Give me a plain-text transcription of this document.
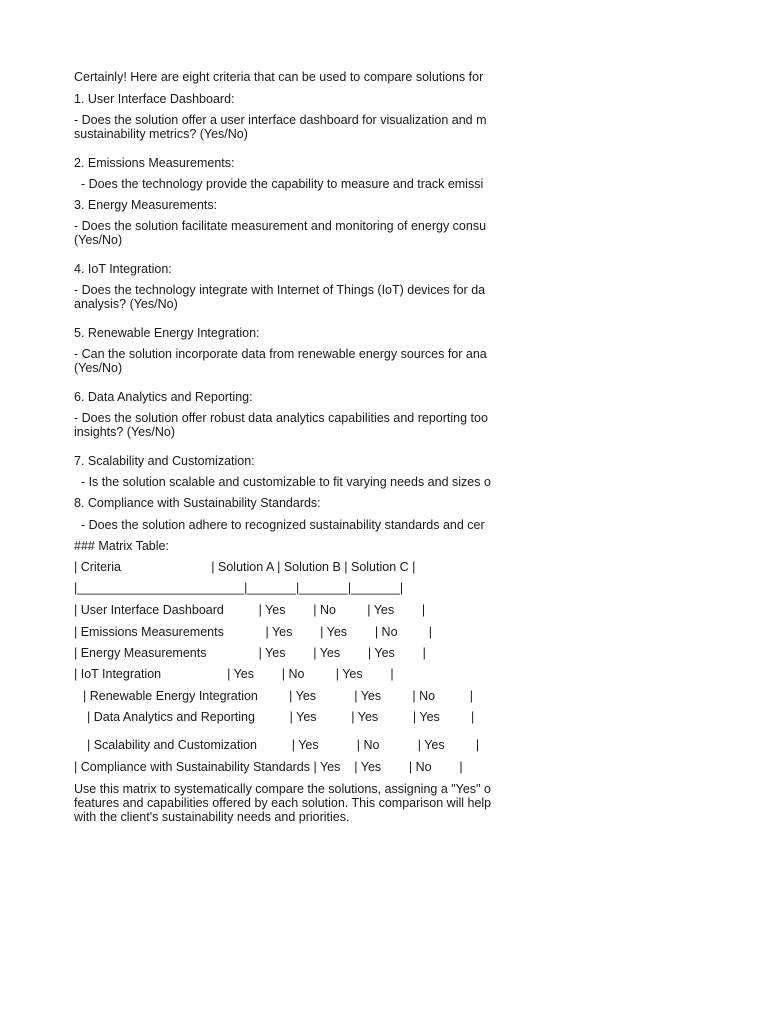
Certainly! Here are eight criteria that can be used to compare solutions for
1. User Interface Dashboard:
- Does the solution offer a user interface dashboard for visualization and m
sustainability metrics? (Yes/No)
2. Emissions Measurements:
- Does the technology provide the capability to measure and track emissi
3. Energy Measurements:
- Does the solution facilitate measurement and monitoring of energy consu
(Yes/No)
4. IoT Integration:
- Does the technology integrate with Internet of Things (IoT) devices for da
analysis? (Yes/No)
5. Renewable Energy Integration:
- Can the solution incorporate data from renewable energy sources for ana
(Yes/No)
6. Data Analytics and Reporting:
- Does the solution offer robust data analytics capabilities and reporting too
insights? (Yes/No)
7. Scalability and Customization:
- Is the solution scalable and customizable to fit varying needs and sizes o
8. Compliance with Sustainability Standards:
- Does the solution adhere to recognized sustainability standards and cer
### Matrix Table:
| Criteria                          | Solution A | Solution B | Solution C |
|________________________|_______|_______|_______|
| User Interface Dashboard          | Yes        | No         | Yes        |
| Emissions Measurements            | Yes        | Yes        | No         |
| Energy Measurements               | Yes        | Yes        | Yes        |
| IoT Integration                   | Yes        | No         | Yes        |
| Renewable Energy Integration         | Yes           | Yes         | No          |
| Data Analytics and Reporting          | Yes          | Yes          | Yes         |
| Scalability and Customization          | Yes           | No           | Yes         |
| Compliance with Sustainability Standards | Yes    | Yes        | No        |
Use this matrix to systematically compare the solutions, assigning a "Yes" o
features and capabilities offered by each solution. This comparison will help
with the client's sustainability needs and priorities.
